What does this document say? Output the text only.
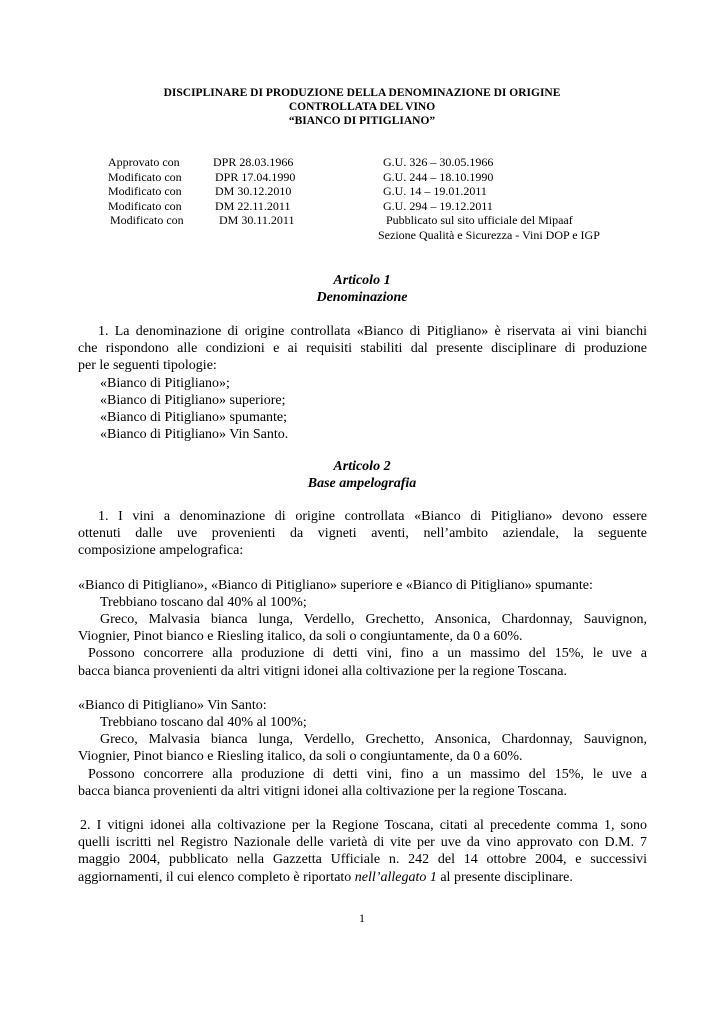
DISCIPLINARE DI PRODUZIONE DELLA DENOMINAZIONE DI ORIGINE
CONTROLLATA DEL VINO
“BIANCO DI PITIGLIANO”
Approvato con	DPR 28.03.1966	G.U. 326 – 30.05.1966
Modificato con	DPR 17.04.1990	G.U. 244 – 18.10.1990
Modificato con	DM 30.12.2010	G.U. 14 – 19.01.2011
Modificato con	DM 22.11.2011	G.U. 294 – 19.12.2011
Modificato con	DM 30.11.2011	Pubblicato sul sito ufficiale del Mipaaf
Sezione Qualità e Sicurezza - Vini DOP e IGP
Articolo 1
Denominazione
1. La denominazione di origine controllata «Bianco di Pitigliano» è riservata ai vini bianchi
che rispondono alle condizioni e ai requisiti stabiliti dal presente disciplinare di produzione
per le seguenti tipologie:
«Bianco di Pitigliano»;
«Bianco di Pitigliano» superiore;
«Bianco di Pitigliano» spumante;
«Bianco di Pitigliano» Vin Santo.
Articolo 2
Base ampelografia
1. I vini a denominazione di origine controllata «Bianco di Pitigliano» devono essere
ottenuti dalle uve provenienti da vigneti aventi, nell’ambito aziendale, la seguente
composizione ampelografica:
«Bianco di Pitigliano», «Bianco di Pitigliano» superiore e «Bianco di Pitigliano» spumante:
Trebbiano toscano dal 40% al 100%;
Greco, Malvasia bianca lunga, Verdello, Grechetto, Ansonica, Chardonnay, Sauvignon,
Viognier, Pinot bianco e Riesling italico, da soli o congiuntamente, da 0 a 60%.
Possono concorrere alla produzione di detti vini, fino a un massimo del 15%, le uve a
bacca bianca provenienti da altri vitigni idonei alla coltivazione per la regione Toscana.
«Bianco di Pitigliano» Vin Santo:
Trebbiano toscano dal 40% al 100%;
Greco, Malvasia bianca lunga, Verdello, Grechetto, Ansonica, Chardonnay, Sauvignon,
Viognier, Pinot bianco e Riesling italico, da soli o congiuntamente, da 0 a 60%.
Possono concorrere alla produzione di detti vini, fino a un massimo del 15%, le uve a
bacca bianca provenienti da altri vitigni idonei alla coltivazione per la regione Toscana.
2. I vitigni idonei alla coltivazione per la Regione Toscana, citati al precedente comma 1, sono
quelli iscritti nel Registro Nazionale delle varietà di vite per uve da vino approvato con D.M. 7
maggio 2004, pubblicato nella Gazzetta Ufficiale n. 242 del 14 ottobre 2004, e successivi
aggiornamenti, il cui elenco completo è riportato nell’allegato 1 al presente disciplinare.
1
